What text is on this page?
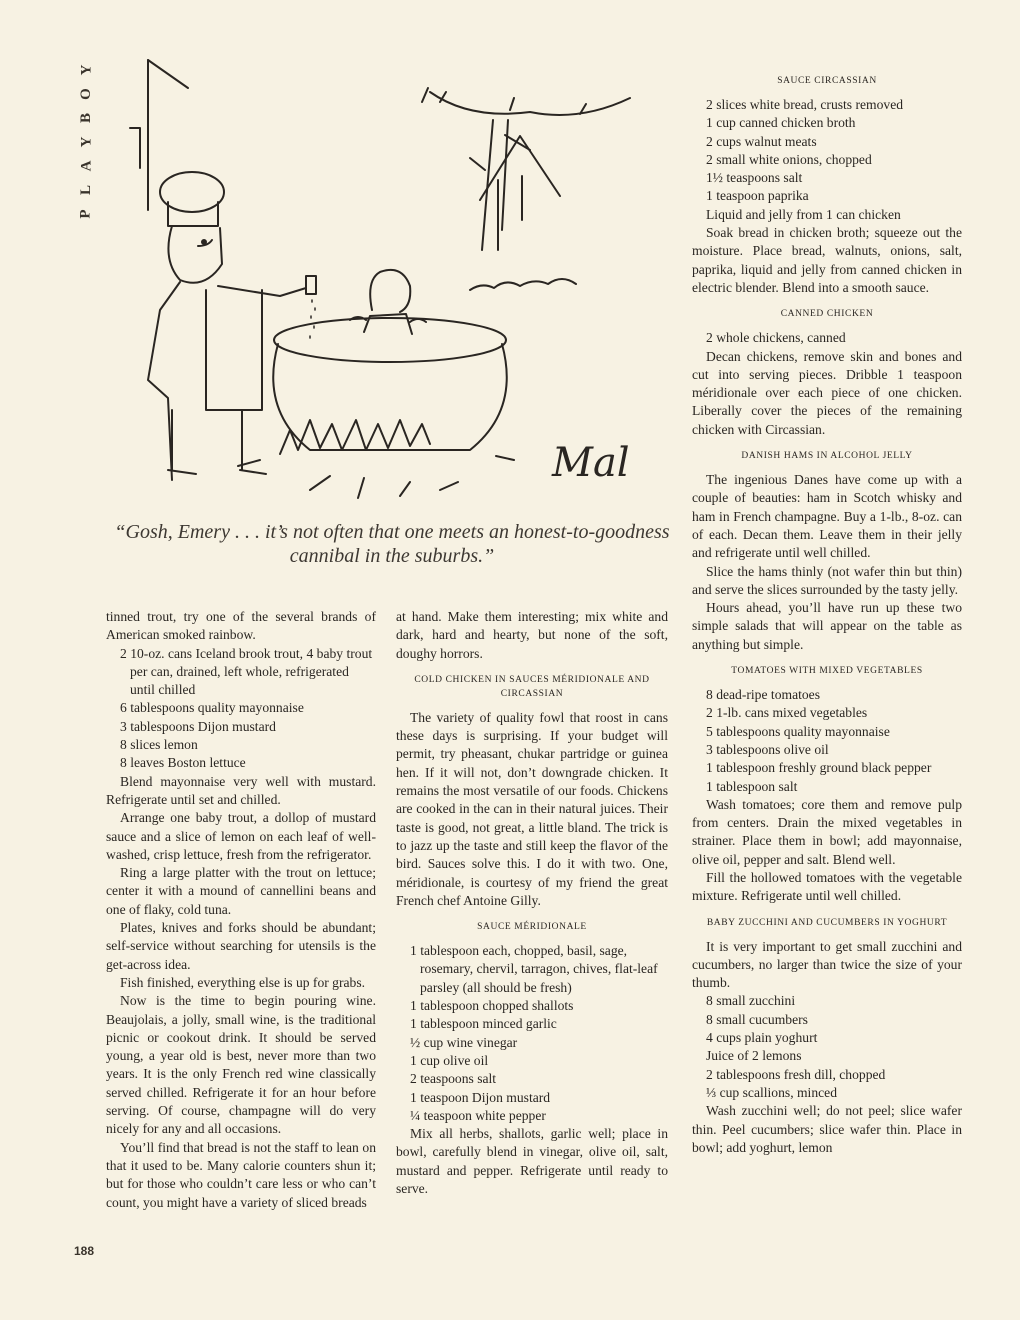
Y
O
B
Y
A
L
P
Mal
“Gosh, Emery . . . it’s not often that one meets an honest-to-goodness cannibal in the suburbs.”

tinned trout, try one of the several brands of American smoked rainbow.

2 10-oz. cans Iceland brook trout, 4 baby trout per can, drained, left whole, refrigerated until chilled
6 tablespoons quality mayonnaise
3 tablespoons Dijon mustard
8 slices lemon
8 leaves Boston lettuce

Blend mayonnaise very well with mustard. Refrigerate until set and chilled.

Arrange one baby trout, a dollop of mustard sauce and a slice of lemon on each leaf of well-washed, crisp lettuce, fresh from the refrigerator.

Ring a large platter with the trout on lettuce; center it with a mound of cannellini beans and one of flaky, cold tuna.

Plates, knives and forks should be abundant; self-service without searching for utensils is the get-across idea.

Fish finished, everything else is up for grabs.

Now is the time to begin pouring wine. Beaujolais, a jolly, small wine, is the traditional picnic or cookout drink. It should be served young, a year old is best, never more than two years. It is the only French red wine classically served chilled. Refrigerate it for an hour before serving. Of course, champagne will do very nicely for any and all occasions.

You’ll find that bread is not the staff to lean on that it used to be. Many calorie counters shun it; but for those who couldn’t care less or who can’t count, you might have a variety of sliced breads

at hand. Make them interesting; mix white and dark, hard and hearty, but none of the soft, doughy horrors.

COLD CHICKEN IN SAUCES MÉRIDIONALE AND CIRCASSIAN

The variety of quality fowl that roost in cans these days is surprising. If your budget will permit, try pheasant, chukar partridge or guinea hen. If it will not, don’t downgrade chicken. It remains the most versatile of our foods. Chickens are cooked in the can in their natural juices. Their taste is good, not great, a little bland. The trick is to jazz up the taste and still keep the flavor of the bird. Sauces solve this. I do it with two. One, méridionale, is courtesy of my friend the great French chef Antoine Gilly.

SAUCE MÉRIDIONALE
1 tablespoon each, chopped, basil, sage, rosemary, chervil, tarragon, chives, flat-leaf parsley (all should be fresh)
1 tablespoon chopped shallots
1 tablespoon minced garlic
½ cup wine vinegar
1 cup olive oil
2 teaspoons salt
1 teaspoon Dijon mustard
¼ teaspoon white pepper

Mix all herbs, shallots, garlic well; place in bowl, carefully blend in vinegar, olive oil, salt, mustard and pepper. Refrigerate until ready to serve.

SAUCE CIRCASSIAN
2 slices white bread, crusts removed
1 cup canned chicken broth
2 cups walnut meats
2 small white onions, chopped
1½ teaspoons salt
1 teaspoon paprika
Liquid and jelly from 1 can chicken

Soak bread in chicken broth; squeeze out the moisture. Place bread, walnuts, onions, salt, paprika, liquid and jelly from canned chicken in electric blender. Blend into a smooth sauce.

CANNED CHICKEN
2 whole chickens, canned

Decan chickens, remove skin and bones and cut into serving pieces. Dribble 1 teaspoon méridionale over each piece of one chicken. Liberally cover the pieces of the remaining chicken with Circassian.

DANISH HAMS IN ALCOHOL JELLY

The ingenious Danes have come up with a couple of beauties: ham in Scotch whisky and ham in French champagne. Buy a 1-lb., 8-oz. can of each. Decan them. Leave them in their jelly and refrigerate until well chilled.

Slice the hams thinly (not wafer thin but thin) and serve the slices surrounded by the tasty jelly.

Hours ahead, you’ll have run up these two simple salads that will appear on the table as anything but simple.

TOMATOES WITH MIXED VEGETABLES
8 dead-ripe tomatoes
2 1-lb. cans mixed vegetables
5 tablespoons quality mayonnaise
3 tablespoons olive oil
1 tablespoon freshly ground black pepper
1 tablespoon salt

Wash tomatoes; core them and remove pulp from centers. Drain the mixed vegetables in strainer. Place them in bowl; add mayonnaise, olive oil, pepper and salt. Blend well.

Fill the hollowed tomatoes with the vegetable mixture. Refrigerate until well chilled.

BABY ZUCCHINI AND CUCUMBERS IN YOGHURT

It is very important to get small zucchini and cucumbers, no larger than twice the size of your thumb.

8 small zucchini
8 small cucumbers
4 cups plain yoghurt
Juice of 2 lemons
2 tablespoons fresh dill, chopped
⅓ cup scallions, minced

Wash zucchini well; do not peel; slice wafer thin. Peel cucumbers; slice wafer thin. Place in bowl; add yoghurt, lemon

188
